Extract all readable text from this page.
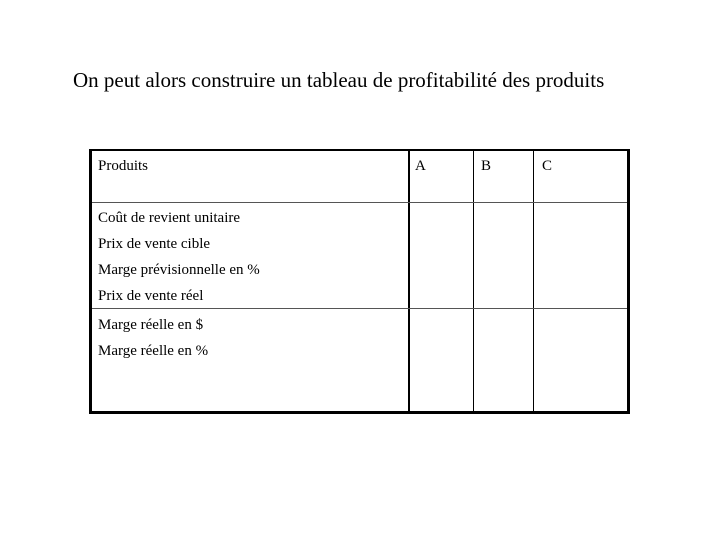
On peut alors construire un tableau de profitabilité des produits
Produits	A	B	C
Coût de revient unitaire
Prix de vente cible
Marge prévisionnelle en %
Prix de vente réel
Marge réelle en $
Marge réelle en %
